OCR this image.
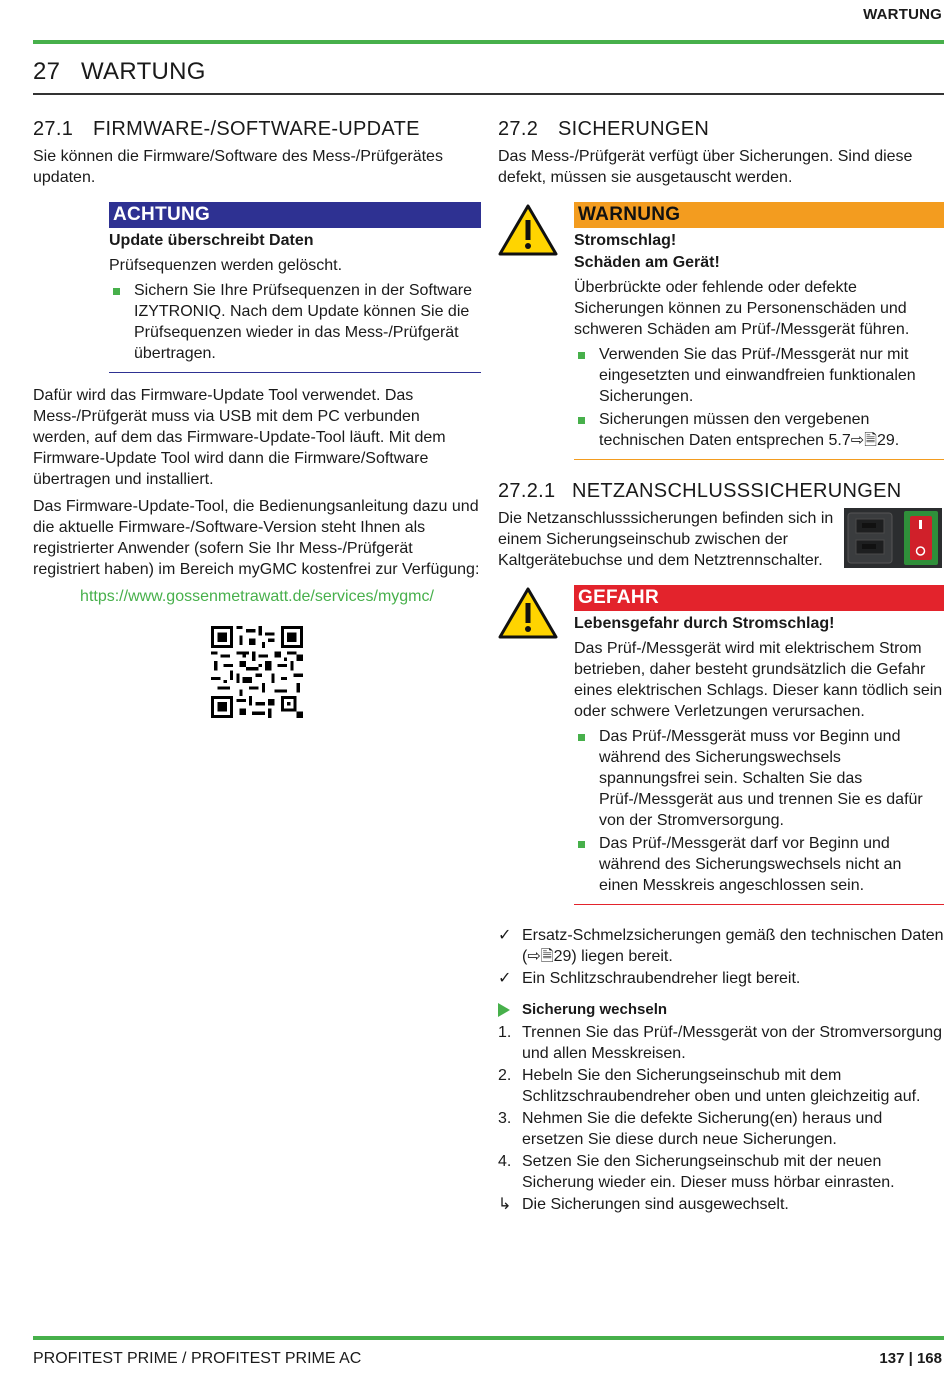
WARTUNG
27 WARTUNG
27.1 FIRMWARE-/SOFTWARE-UPDATE

Sie können die Firmware/Software des Mess-/Prüfgerätes updaten.

ACHTUNG
Update überschreibt Daten

Prüfsequenzen werden gelöscht.

Sichern Sie Ihre Prüfsequenzen in der Software IZYTRONIQ. Nach dem Update können Sie die Prüfsequenzen wieder in das Mess-/Prüfgerät übertragen.

Dafür wird das Firmware-Update Tool verwendet. Das Mess-/Prüfgerät muss via USB mit dem PC verbunden werden, auf dem das Firmware-Update-Tool läuft. Mit dem Firmware-Update Tool wird dann die Firmware/Software übertragen und installiert.

Das Firmware-Update-Tool, die Bedienungsanleitung dazu und die aktuelle Firmware-/Software-Version steht Ihnen als registrierter Anwender (sofern Sie Ihr Mess-/Prüfgerät registriert haben) im Bereich myGMC kostenfrei zur Verfügung:

https://www.gossenmetrawatt.de/services/mygmc/
27.2 SICHERUNGEN

Das Mess-/Prüfgerät verfügt über Sicherungen. Sind diese defekt, müssen sie ausgetauscht werden.

WARNUNG
Stromschlag!
Schäden am Gerät!

Überbrückte oder fehlende oder defekte Sicherungen können zu Personenschäden und schweren Schäden am Prüf-/Messgerät führen.

Verwenden Sie das Prüf-/Messgerät nur mit eingesetzten und einwandfreien funktionalen Sicherungen.
Sicherungen müssen den vergebenen technischen Daten entsprechen 5.7⇨🗎29.
27.2.1 NETZANSCHLUSSSICHERUNGEN

Die Netzanschlusssicherungen befinden sich in einem Sicherungseinschub zwischen der Kaltgerätebuchse und dem Netztrennschalter.

GEFAHR
Lebensgefahr durch Stromschlag!

Das Prüf-/Messgerät wird mit elektrischem Strom betrieben, daher besteht grundsätzlich die Gefahr eines elektrischen Schlags. Dieser kann tödlich sein oder schwere Verletzungen verursachen.

Das Prüf-/Messgerät muss vor Beginn und während des Sicherungswechsels spannungsfrei sein. Schalten Sie das Prüf-/Messgerät aus und trennen Sie es dafür von der Stromversorgung.
Das Prüf-/Messgerät darf vor Beginn und während des Sicherungswechsels nicht an einen Messkreis angeschlossen sein.
✓ Ersatz-Schmelzsicherungen gemäß den technischen Daten (⇨🗎29) liegen bereit.
✓ Ein Schlitzschraubendreher liegt bereit.
Sicherung wechseln
1. Trennen Sie das Prüf-/Messgerät von der Stromversorgung und allen Messkreisen.
2. Hebeln Sie den Sicherungseinschub mit dem Schlitzschraubendreher oben und unten gleichzeitig auf.
3. Nehmen Sie die defekte Sicherung(en) heraus und ersetzen Sie diese durch neue Sicherungen.
4. Setzen Sie den Sicherungseinschub mit der neuen Sicherung wieder ein. Dieser muss hörbar einrasten.
↳ Die Sicherungen sind ausgewechselt.
PROFITEST PRIME / PROFITEST PRIME AC	137 | 168
